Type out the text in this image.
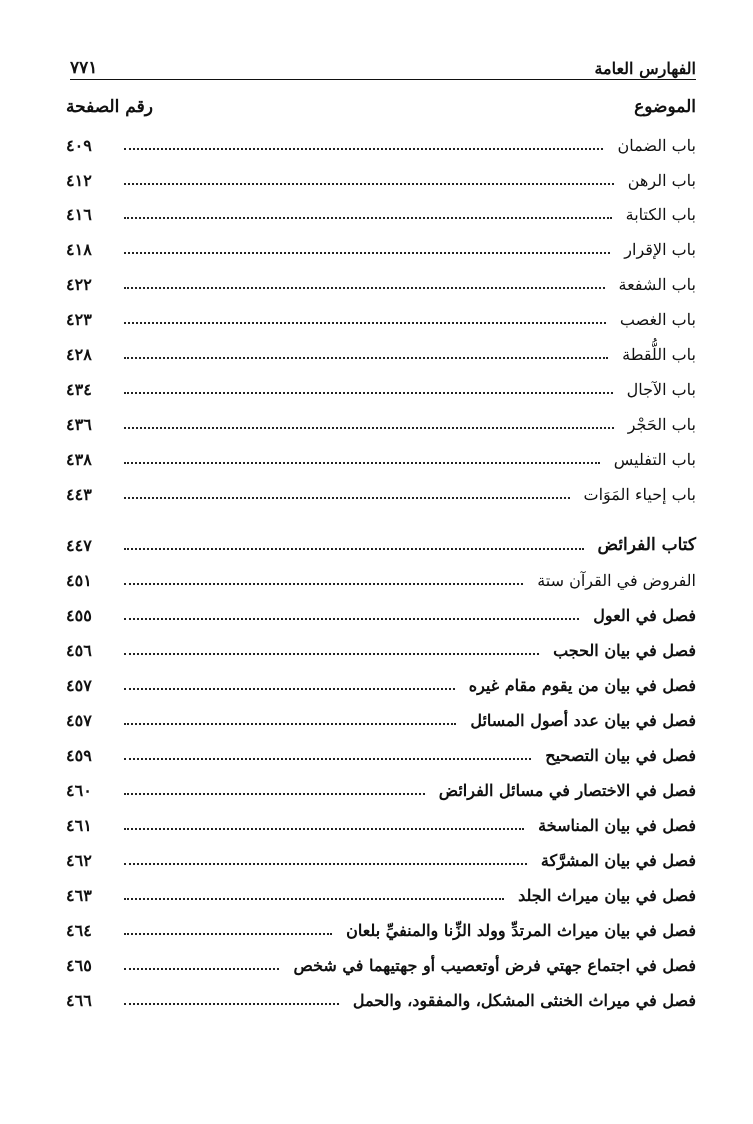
الفهارس العامة
٧٧١
الموضوع
رقم الصفحة
باب الضمان
٤٠٩
باب الرهن
٤١٢
باب الكتابة
٤١٦
باب الإقرار
٤١٨
باب الشفعة
٤٢٢
باب الغصب
٤٢٣
باب اللُّقطة
٤٢٨
باب الآجال
٤٣٤
باب الحَجْر
٤٣٦
باب التفليس
٤٣٨
باب إحياء المَوَات
٤٤٣
كتاب الفرائض
٤٤٧
الفروض في القرآن ستة
٤٥١
فصل في العول
٤٥٥
فصل في بيان الحجب
٤٥٦
فصل في بيان من يقوم مقام غيره
٤٥٧
فصل في بيان عدد أصول المسائل
٤٥٧
فصل في بيان التصحيح
٤٥٩
فصل في الاختصار في مسائل الفرائض
٤٦٠
فصل في بيان المناسخة
٤٦١
فصل في بيان المشرَّكة
٤٦٢
فصل في بيان ميراث الجلد
٤٦٣
فصل في بيان ميراث المرتدِّ وولد الزِّنا والمنفيِّ بلعان
٤٦٤
فصل في اجتماع جهتي فرض أوتعصيب أو جهتيهما في شخص
٤٦٥
فصل في ميراث الخنثى المشكل، والمفقود، والحمل
٤٦٦
